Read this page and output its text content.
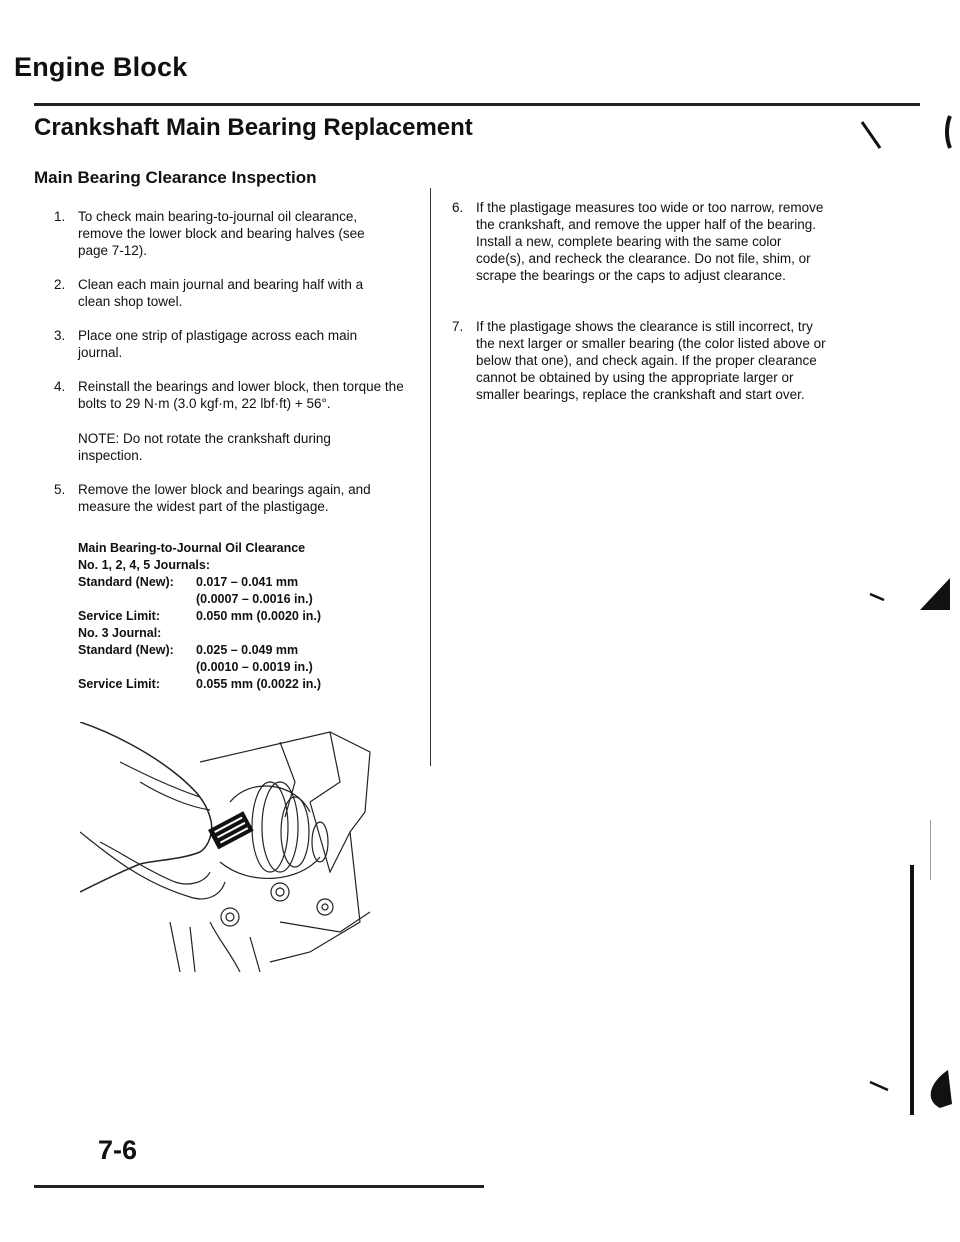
Engine Block
Crankshaft Main Bearing Replacement
Main Bearing Clearance Inspection
1. To check main bearing-to-journal oil clearance, remove the lower block and bearing halves (see page 7-12).
2. Clean each main journal and bearing half with a clean shop towel.
3. Place one strip of plastigage across each main journal.
4. Reinstall the bearings and lower block, then torque the bolts to 29 N·m (3.0 kgf·m, 22 lbf·ft) + 56°.
NOTE: Do not rotate the crankshaft during inspection.
5. Remove the lower block and bearings again, and measure the widest part of the plastigage.
Main Bearing-to-Journal Oil Clearance
No. 1, 2, 4, 5 Journals:
Standard (New): 0.017 – 0.041 mm
(0.0007 – 0.0016 in.)
Service Limit:	0.050 mm (0.0020 in.)
No. 3 Journal:
Standard (New): 0.025 – 0.049 mm
(0.0010 – 0.0019 in.)
Service Limit:	0.055 mm (0.0022 in.)
6. If the plastigage measures too wide or too narrow, remove the crankshaft, and remove the upper half of the bearing. Install a new, complete bearing with the same color code(s), and recheck the clearance. Do not file, shim, or scrape the bearings or the caps to adjust clearance.
7. If the plastigage shows the clearance is still incorrect, try the next larger or smaller bearing (the color listed above or below that one), and check again. If the proper clearance cannot be obtained by using the appropriate larger or smaller bearings, replace the crankshaft and start over.
7-6
